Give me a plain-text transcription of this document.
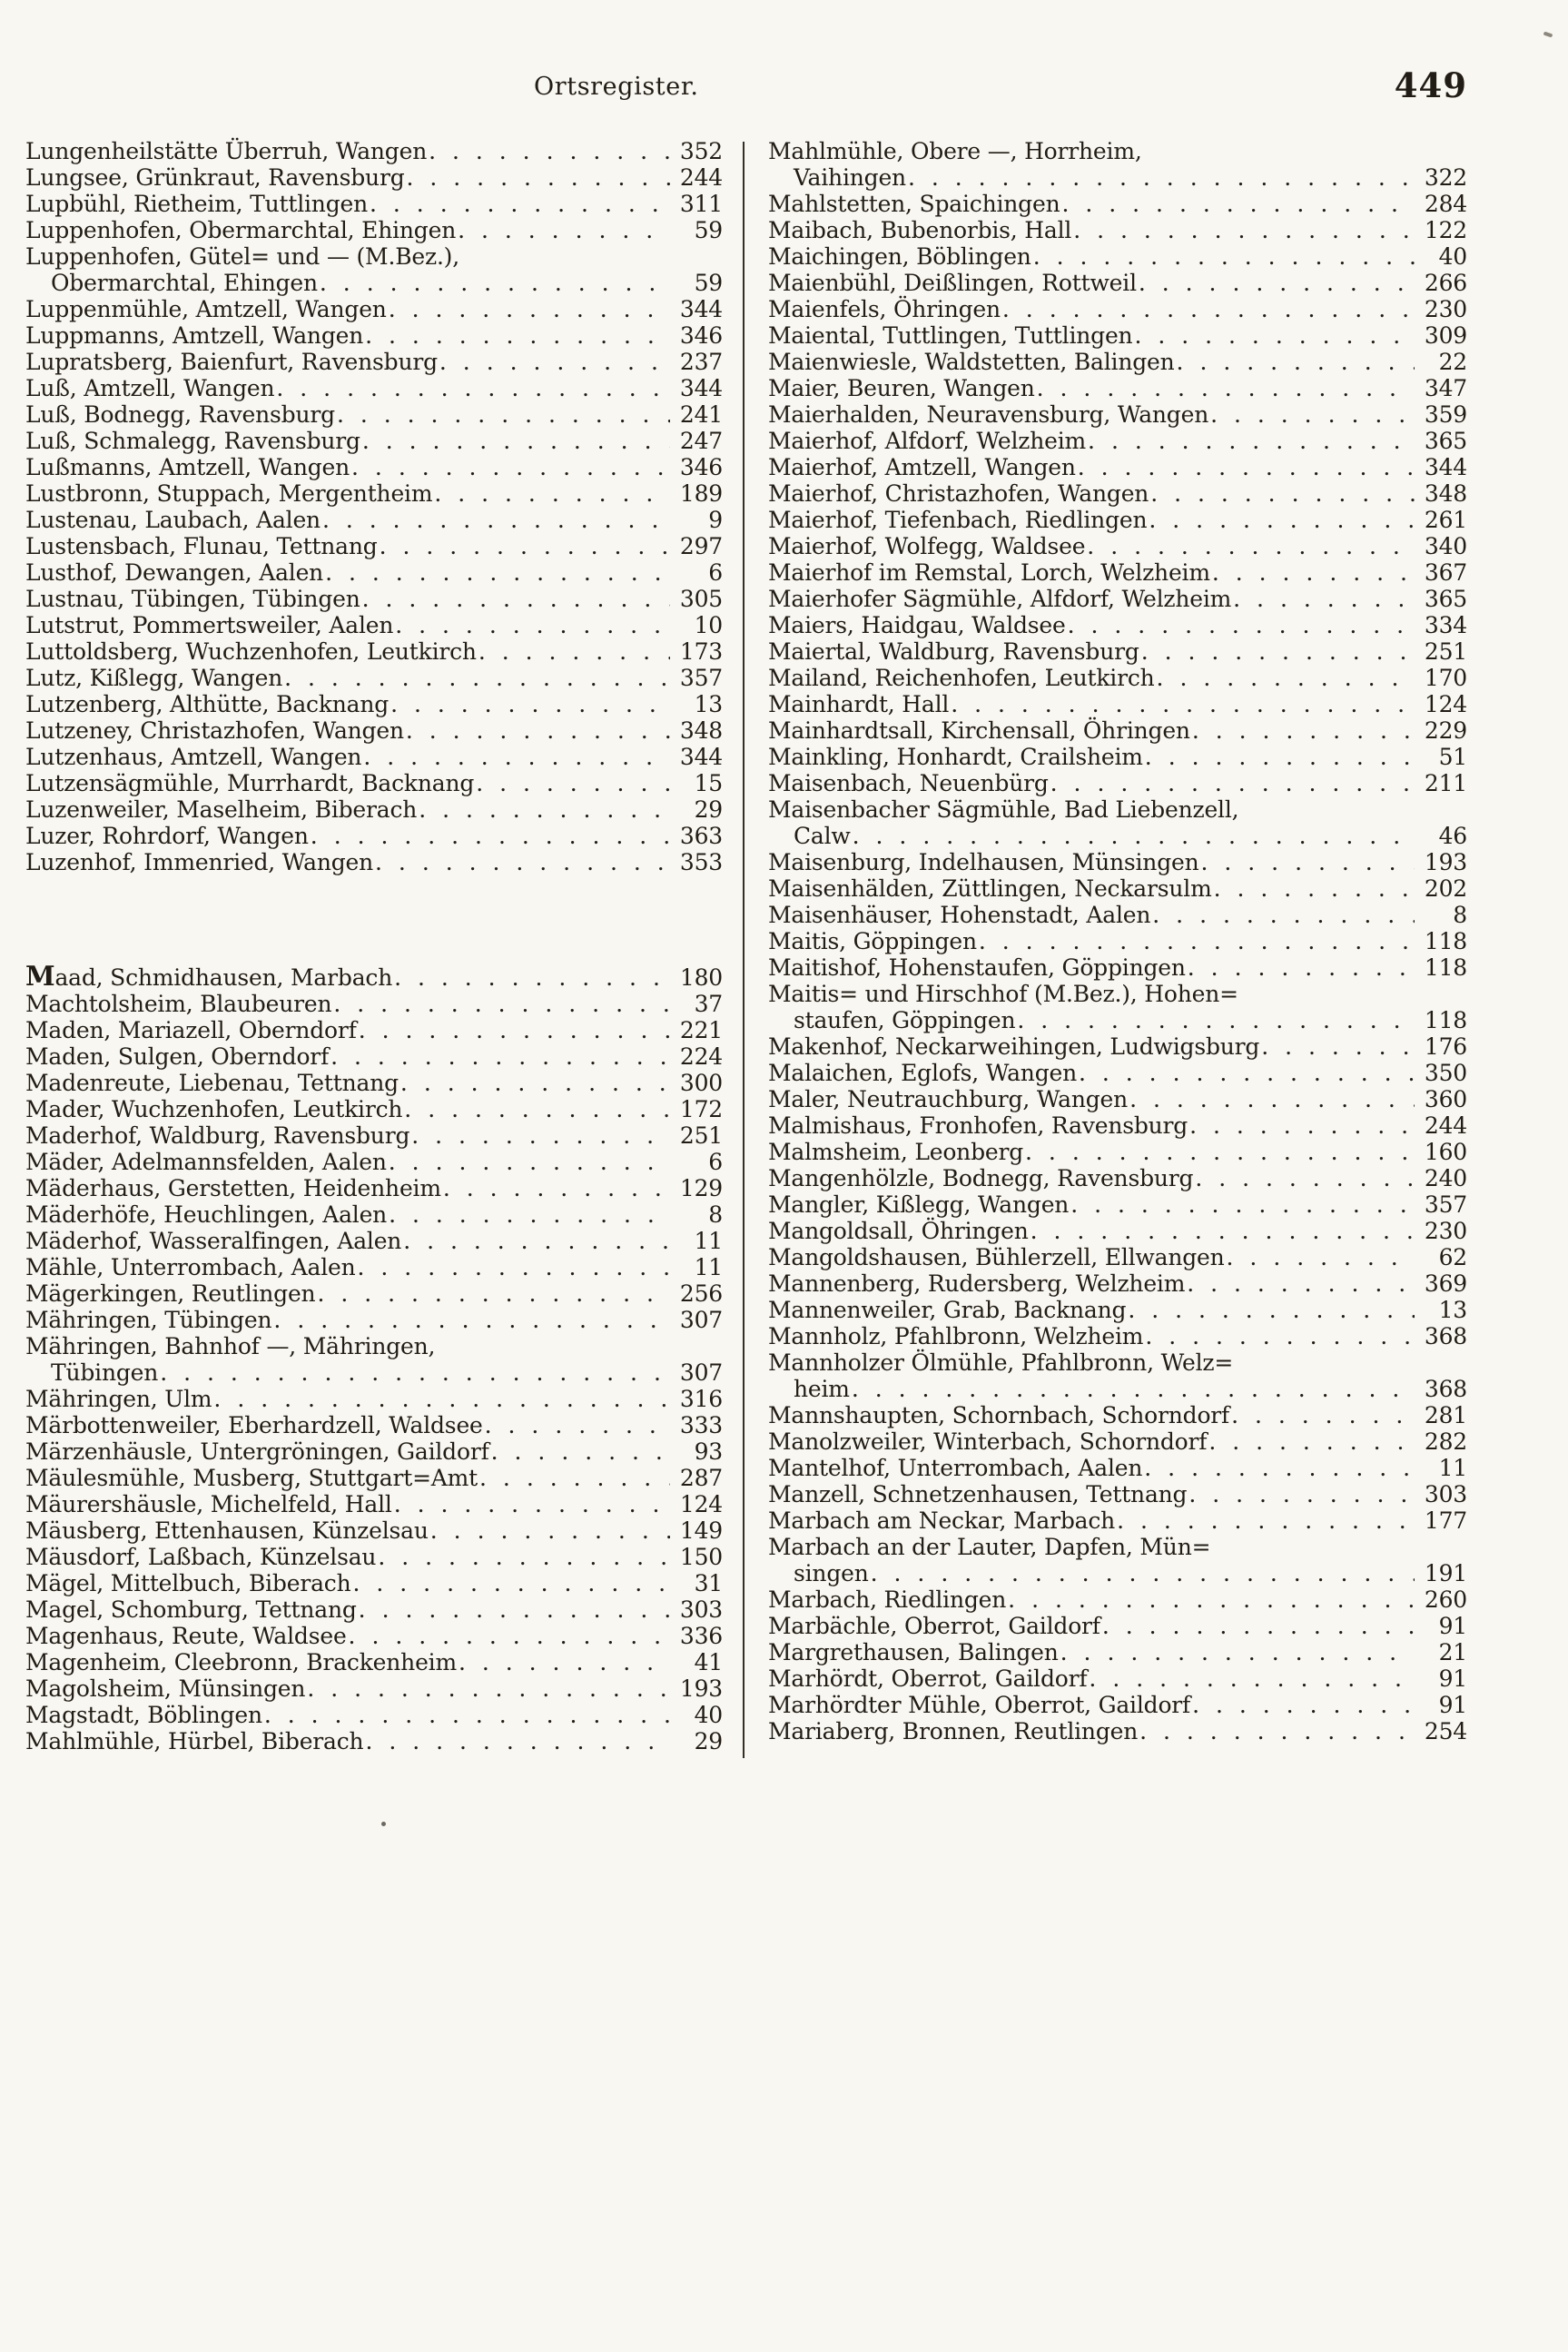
Ortsregister.	449
Lungenheilstätte Überruh, Wangen . . .	352
Lungsee, Grünkraut, Ravensburg . . .	244
Lupbühl, Rietheim, Tuttlingen . . .	311
Luppenhofen, Obermarchtal, Ehingen . . .	59
Luppenhofen, Gütel= und — (M.Bez.),
Obermarchtal, Ehingen . . .	59
Luppenmühle, Amtzell, Wangen . . .	344
Luppmanns, Amtzell, Wangen . . .	346
Lupratsberg, Baienfurt, Ravensburg . . .	237
Luß, Amtzell, Wangen . . .	344
Luß, Bodnegg, Ravensburg . . .	241
Luß, Schmalegg, Ravensburg . . .	247
Lußmanns, Amtzell, Wangen . . .	346
Lustbronn, Stuppach, Mergentheim . . .	189
Lustenau, Laubach, Aalen . . .	9
Lustensbach, Flunau, Tettnang . . .	297
Lusthof, Dewangen, Aalen . . .	6
Lustnau, Tübingen, Tübingen . . .	305
Lutstrut, Pommertsweiler, Aalen . . .	10
Luttoldsberg, Wuchzenhofen, Leutkirch . . .	173
Lutz, Kißlegg, Wangen . . .	357
Lutzenberg, Althütte, Backnang . . .	13
Lutzeney, Christazhofen, Wangen . . .	348
Lutzenhaus, Amtzell, Wangen . . .	344
Lutzensägmühle, Murrhardt, Backnang . . .	15
Luzenweiler, Maselheim, Biberach . . .	29
Luzer, Rohrdorf, Wangen . . .	363
Luzenhof, Immenried, Wangen . . .	353
Maad, Schmidhausen, Marbach . . .	180
Machtolsheim, Blaubeuren . . .	37
Maden, Mariazell, Oberndorf . . .	221
Maden, Sulgen, Oberndorf . . .	224
Madenreute, Liebenau, Tettnang . . .	300
Mader, Wuchzenhofen, Leutkirch . . .	172
Maderhof, Waldburg, Ravensburg . . .	251
Mäder, Adelmannsfelden, Aalen . . .	6
Mäderhaus, Gerstetten, Heidenheim . . .	129
Mäderhöfe, Heuchlingen, Aalen . . .	8
Mäderhof, Wasseralfingen, Aalen . . .	11
Mähle, Unterrombach, Aalen . . .	11
Mägerkingen, Reutlingen . . .	256
Mähringen, Tübingen . . .	307
Mähringen, Bahnhof —, Mähringen,
Tübingen . . .	307
Mähringen, Ulm . . .	316
Märbottenweiler, Eberhardzell, Waldsee . . .	333
Märzenhäusle, Untergröningen, Gaildorf . . .	93
Mäulesmühle, Musberg, Stuttgart=Amt . . .	287
Mäurershäusle, Michelfeld, Hall . . .	124
Mäusberg, Ettenhausen, Künzelsau . . .	149
Mäusdorf, Laßbach, Künzelsau . . .	150
Mägel, Mittelbuch, Biberach . . .	31
Magel, Schomburg, Tettnang . . .	303
Magenhaus, Reute, Waldsee . . .	336
Magenheim, Cleebronn, Brackenheim . . .	41
Magolsheim, Münsingen . . .	193
Magstadt, Böblingen . . .	40
Mahlmühle, Hürbel, Biberach . . .	29
Mahlmühle, Obere —, Horrheim,
Vaihingen . . .	322
Mahlstetten, Spaichingen . . .	284
Maibach, Bubenorbis, Hall . . .	122
Maichingen, Böblingen . . .	40
Maienbühl, Deißlingen, Rottweil . . .	266
Maienfels, Öhringen . . .	230
Maiental, Tuttlingen, Tuttlingen . . .	309
Maienwiesle, Waldstetten, Balingen . . .	22
Maier, Beuren, Wangen . . .	347
Maierhalden, Neuravensburg, Wangen . . .	359
Maierhof, Alfdorf, Welzheim . . .	365
Maierhof, Amtzell, Wangen . . .	344
Maierhof, Christazhofen, Wangen . . .	348
Maierhof, Tiefenbach, Riedlingen . . .	261
Maierhof, Wolfegg, Waldsee . . .	340
Maierhof im Remstal, Lorch, Welzheim . . .	367
Maierhofer Sägmühle, Alfdorf, Welzheim . . .	365
Maiers, Haidgau, Waldsee . . .	334
Maiertal, Waldburg, Ravensburg . . .	251
Mailand, Reichenhofen, Leutkirch . . .	170
Mainhardt, Hall . . .	124
Mainhardtsall, Kirchensall, Öhringen . . .	229
Mainkling, Honhardt, Crailsheim . . .	51
Maisenbach, Neuenbürg . . .	211
Maisenbacher Sägmühle, Bad Liebenzell,
Calw . . .	46
Maisenburg, Indelhausen, Münsingen . . .	193
Maisenhälden, Züttlingen, Neckarsulm . . .	202
Maisenhäuser, Hohenstadt, Aalen . . .	8
Maitis, Göppingen . . .	118
Maitishof, Hohenstaufen, Göppingen . . .	118
Maitis= und Hirschhof (M.Bez.), Hohen=
staufen, Göppingen . . .	118
Makenhof, Neckarweihingen, Ludwigsburg . . .	176
Malaichen, Eglofs, Wangen . . .	350
Maler, Neutrauchburg, Wangen . . .	360
Malmishaus, Fronhofen, Ravensburg . . .	244
Malmsheim, Leonberg . . .	160
Mangenhölzle, Bodnegg, Ravensburg . . .	240
Mangler, Kißlegg, Wangen . . .	357
Mangoldsall, Öhringen . . .	230
Mangoldshausen, Bühlerzell, Ellwangen . . .	62
Mannenberg, Rudersberg, Welzheim . . .	369
Mannenweiler, Grab, Backnang . . .	13
Mannholz, Pfahlbronn, Welzheim . . .	368
Mannholzer Ölmühle, Pfahlbronn, Welz=
heim . . .	368
Mannshaupten, Schornbach, Schorndorf . . .	281
Manolzweiler, Winterbach, Schorndorf . . .	282
Mantelhof, Unterrombach, Aalen . . .	11
Manzell, Schnetzenhausen, Tettnang . . .	303
Marbach am Neckar, Marbach . . .	177
Marbach an der Lauter, Dapfen, Mün=
singen . . .	191
Marbach, Riedlingen . . .	260
Marbächle, Oberrot, Gaildorf . . .	91
Margrethausen, Balingen . . .	21
Marhördt, Oberrot, Gaildorf . . .	91
Marhördter Mühle, Oberrot, Gaildorf . . .	91
Mariaberg, Bronnen, Reutlingen . . .	254
